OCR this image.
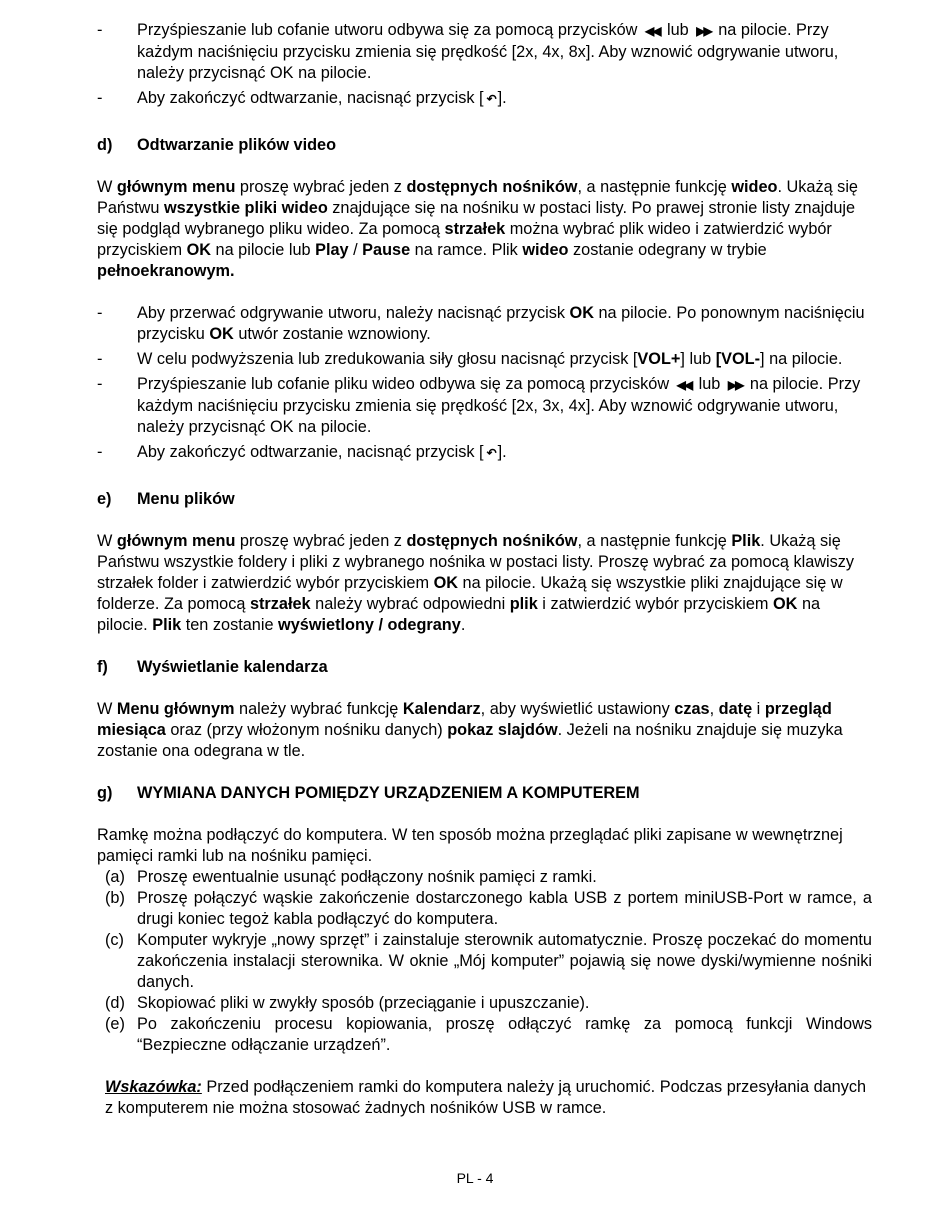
- Przyśpieszanie lub cofanie utworu odbywa się za pomocą przycisków ◀◀ lub ▶▶ na pilocie. Przy każdym naciśnięciu przycisku zmienia się prędkość [2x, 4x, 8x]. Aby wznowić odgrywanie utworu, należy przycisnąć OK na pilocie.
- Aby zakończyć odtwarzanie, nacisnąć przycisk [ ↶ ].
d) Odtwarzanie plików video

W głównym menu proszę wybrać jeden z dostępnych nośników, a następnie funkcję wideo. Ukażą się Państwu wszystkie pliki wideo znajdujące się na nośniku w postaci listy. Po prawej stronie listy znajduje się podgląd wybranego pliku wideo. Za pomocą strzałek można wybrać plik wideo i zatwierdzić wybór przyciskiem OK na pilocie lub Play / Pause na ramce. Plik wideo zostanie odegrany w trybie pełnoekranowym.

- Aby przerwać odgrywanie utworu, należy nacisnąć przycisk OK na pilocie. Po ponownym naciśnięciu przycisku OK utwór zostanie wznowiony.
- W celu podwyższenia lub zredukowania siły głosu nacisnąć przycisk [VOL+] lub [VOL-] na pilocie.
- Przyśpieszanie lub cofanie pliku wideo odbywa się za pomocą przycisków ◀◀ lub ▶▶ na pilocie. Przy każdym naciśnięciu przycisku zmienia się prędkość [2x, 3x, 4x]. Aby wznowić odgrywanie utworu, należy przycisnąć OK na pilocie.
- Aby zakończyć odtwarzanie, nacisnąć przycisk [ ↶ ].
e) Menu plików

W głównym menu proszę wybrać jeden z dostępnych nośników, a następnie funkcję Plik. Ukażą się Państwu wszystkie foldery i pliki z wybranego nośnika w postaci listy. Proszę wybrać za pomocą klawiszy strzałek folder i zatwierdzić wybór przyciskiem OK na pilocie. Ukażą się wszystkie pliki znajdujące się w folderze. Za pomocą strzałek należy wybrać odpowiedni plik i zatwierdzić wybór przyciskiem OK na pilocie. Plik ten zostanie wyświetlony / odegrany.

f) Wyświetlanie kalendarza

W Menu głównym należy wybrać funkcję Kalendarz, aby wyświetlić ustawiony czas, datę i przegląd miesiąca oraz (przy włożonym nośniku danych) pokaz slajdów. Jeżeli na nośniku znajduje się muzyka zostanie ona odegrana w tle.

g) WYMIANA DANYCH POMIĘDZY URZĄDZENIEM A KOMPUTEREM

Ramkę można podłączyć do komputera. W ten sposób można przeglądać pliki zapisane w wewnętrznej pamięci ramki lub na nośniku pamięci.

(a) Proszę ewentualnie usunąć podłączony nośnik pamięci z ramki.
(b) Proszę połączyć wąskie zakończenie dostarczonego kabla USB z portem miniUSB-Port w ramce, a drugi koniec tegoż kabla podłączyć do komputera.
(c) Komputer wykryje „nowy sprzęt” i zainstaluje sterownik automatycznie. Proszę poczekać do momentu zakończenia instalacji sterownika. W oknie „Mój komputer” pojawią się nowe dyski/wymienne nośniki danych.
(d) Skopiować pliki w zwykły sposób (przeciąganie i upuszczanie).
(e) Po zakończeniu procesu kopiowania, proszę odłączyć ramkę za pomocą funkcji Windows “Bezpieczne odłączanie urządzeń”.

Wskazówka: Przed podłączeniem ramki do komputera należy ją uruchomić. Podczas przesyłania danych z komputerem nie można stosować żadnych nośników USB w ramce.

PL - 4
